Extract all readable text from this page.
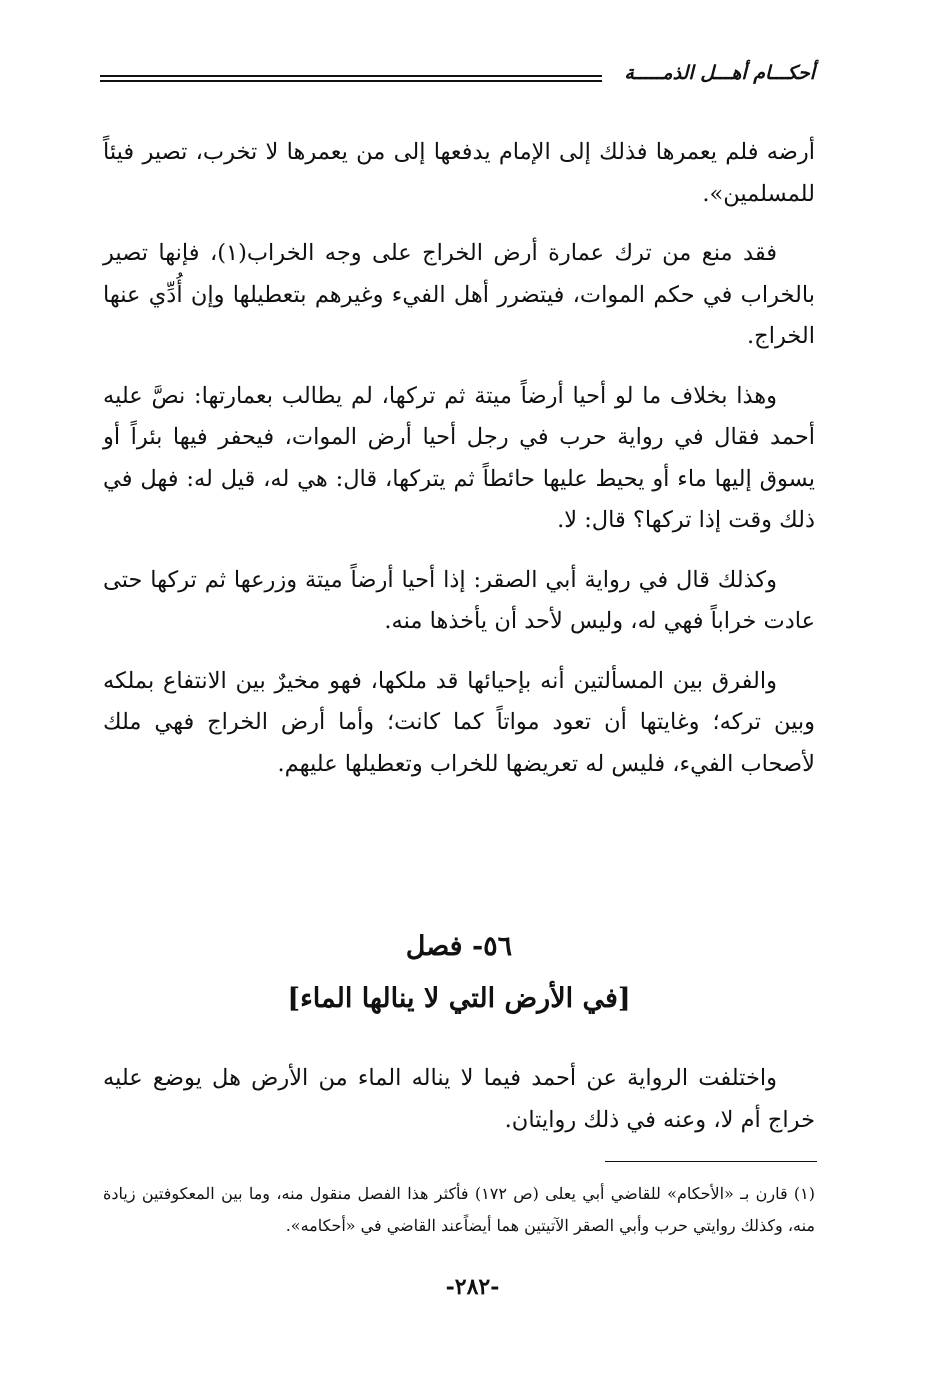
أحكـــام أهـــل الذمـــــة

أرضه فلم يعمرها فذلك إلى الإمام يدفعها إلى من يعمرها لا تخرب، تصير فيئاً للمسلمين».

فقد منع من ترك عمارة أرض الخراج على وجه الخراب(١)، فإنها تصير بالخراب في حكم الموات، فيتضرر أهل الفيء وغيرهم بتعطيلها وإن أُدِّي عنها الخراج.

وهذا بخلاف ما لو أحيا أرضاً ميتة ثم تركها، لم يطالب بعمارتها: نصَّ عليه أحمد فقال في رواية حرب في رجل أحيا أرض الموات، فيحفر فيها بئراً أو يسوق إليها ماء أو يحيط عليها حائطاً ثم يتركها، قال: هي له، قيل له: فهل في ذلك وقت إذا تركها؟ قال: لا.

وكذلك قال في رواية أبي الصقر: إذا أحيا أرضاً ميتة وزرعها ثم تركها حتى عادت خراباً فهي له، وليس لأحد أن يأخذها منه.

والفرق بين المسألتين أنه بإحيائها قد ملكها، فهو مخيرٌ بين الانتفاع بملكه وبين تركه؛ وغايتها أن تعود مواتاً كما كانت؛ وأما أرض الخراج فهي ملك لأصحاب الفيء، فليس له تعريضها للخراب وتعطيلها عليهم.

٥٦- فصل
[في الأرض التي لا ينالها الماء]

واختلفت الرواية عن أحمد فيما لا يناله الماء من الأرض هل يوضع عليه خراج أم لا، وعنه في ذلك روايتان.

(١) قارن بـ «الأحكام» للقاضي أبي يعلى (ص ١٧٢) فأكثر هذا الفصل منقول منه، وما بين المعكوفتين زيادة منه، وكذلك روايتي حرب وأبي الصقر الآتيتين هما أيضاًعند القاضي في «أحكامه».
-٢٨٢-
